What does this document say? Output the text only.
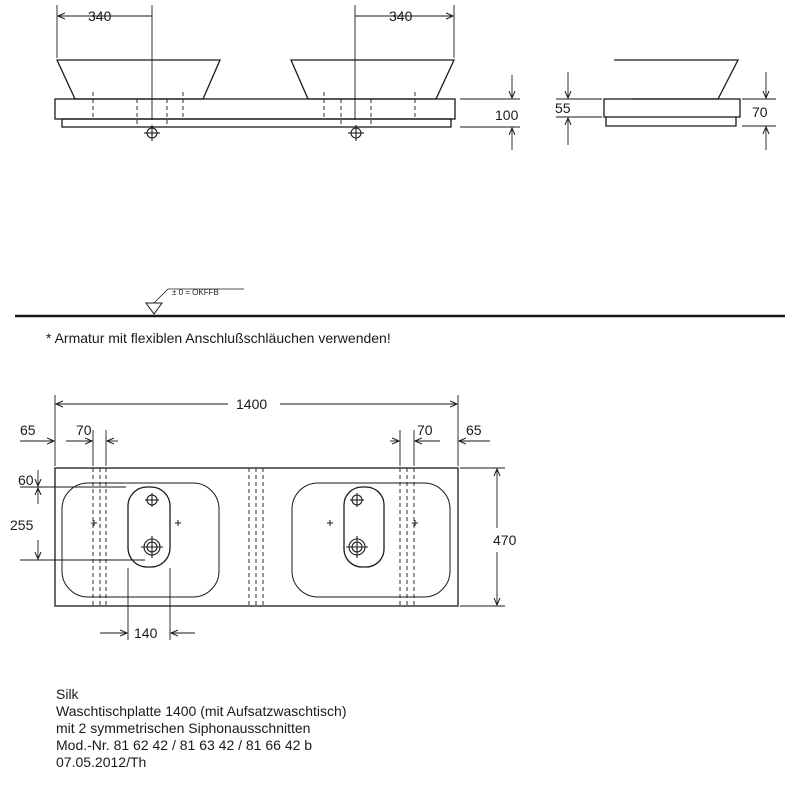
340	340
100	55	70
± 0 = OKFFB
1400
65	70	70 65
60
255
470
140

* Armatur mit flexiblen Anschlußschläuchen verwenden!

Silk
Waschtischplatte 1400 (mit Aufsatzwaschtisch)
mit 2 symmetrischen Siphonausschnitten
Mod.-Nr. 81 62 42 / 81 63 42 / 81 66 42 b
07.05.2012/Th
